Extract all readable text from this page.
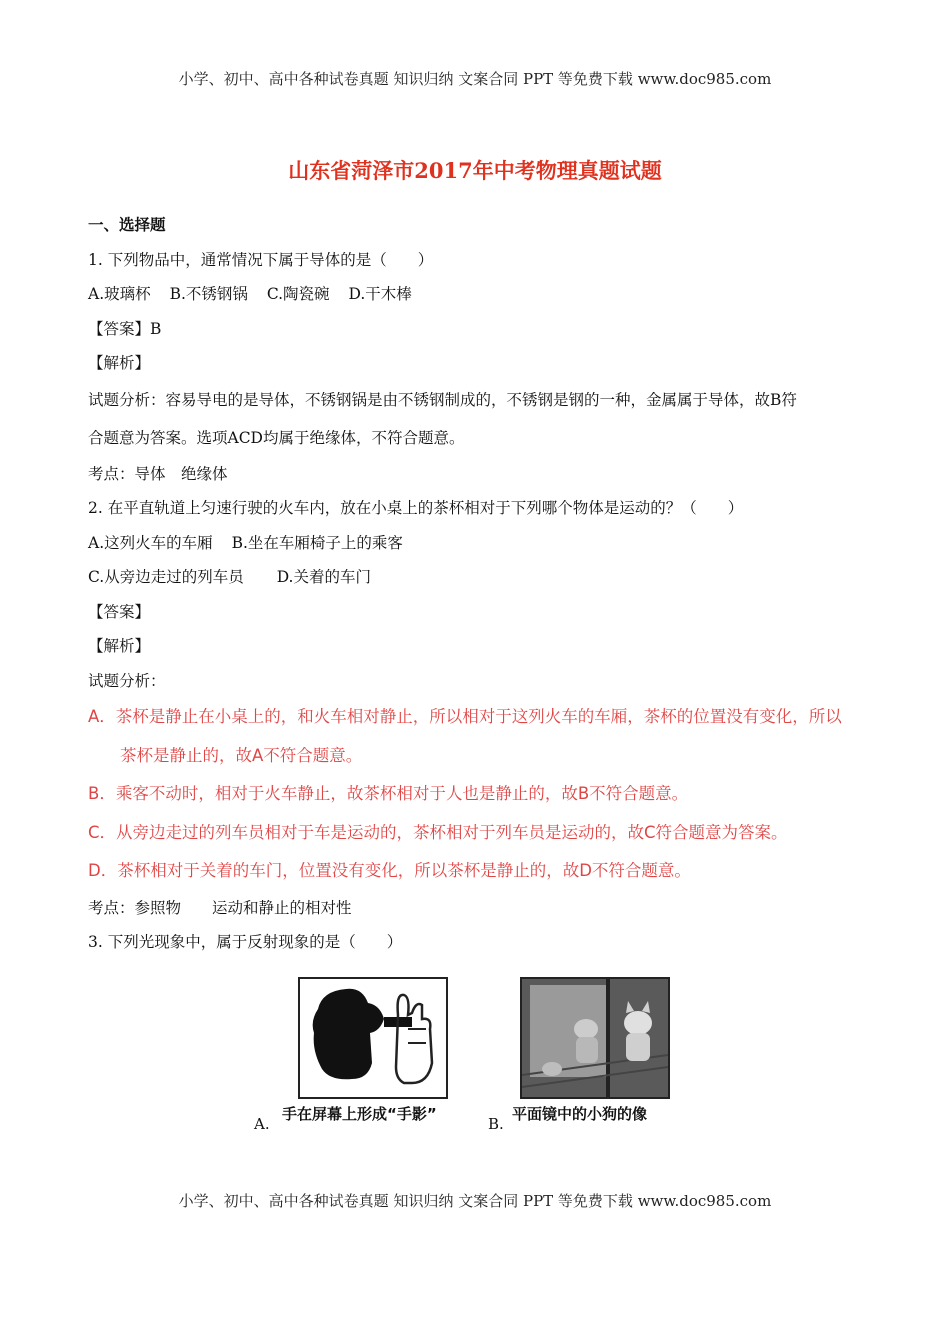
小学、初中、高中各种试卷真题 知识归纳 文案合同 PPT 等免费下载 www.doc985.com
山东省菏泽市2017年中考物理真题试题
一、选择题
1. 下列物品中，通常情况下属于导体的是（　　）
A.玻璃杯 B.不锈钢锅 C.陶瓷碗 D.干木棒
【答案】B
【解析】
试题分析：容易导电的是导体，不锈钢锅是由不锈钢制成的，不锈钢是钢的一种，金属属于导体，故B符
合题意为答案。选项ACD均属于绝缘体，不符合题意。
考点：导体　绝缘体
2. 在平直轨道上匀速行驶的火车内，放在小桌上的茶杯相对于下列哪个物体是运动的？（　　）
A.这列火车的车厢 B.坐在车厢椅子上的乘客
C.从旁边走过的列车员 D.关着的车门
【答案】
【解析】
试题分析：
A．茶杯是静止在小桌上的，和火车相对静止，所以相对于这列火车的车厢，茶杯的位置没有变化，所以
茶杯是静止的，故A不符合题意。
B．乘客不动时，相对于火车静止，故茶杯相对于人也是静止的，故B不符合题意。
C．从旁边走过的列车员相对于车是运动的，茶杯相对于列车员是运动的，故C符合题意为答案。
D．茶杯相对于关着的车门，位置没有变化，所以茶杯是静止的，故D不符合题意。
考点：参照物　　运动和静止的相对性
3. 下列光现象中，属于反射现象的是（　　）
A.
手在屏幕上形成“手影”
B.
平面镜中的小狗的像
小学、初中、高中各种试卷真题 知识归纳 文案合同 PPT 等免费下载 www.doc985.com
